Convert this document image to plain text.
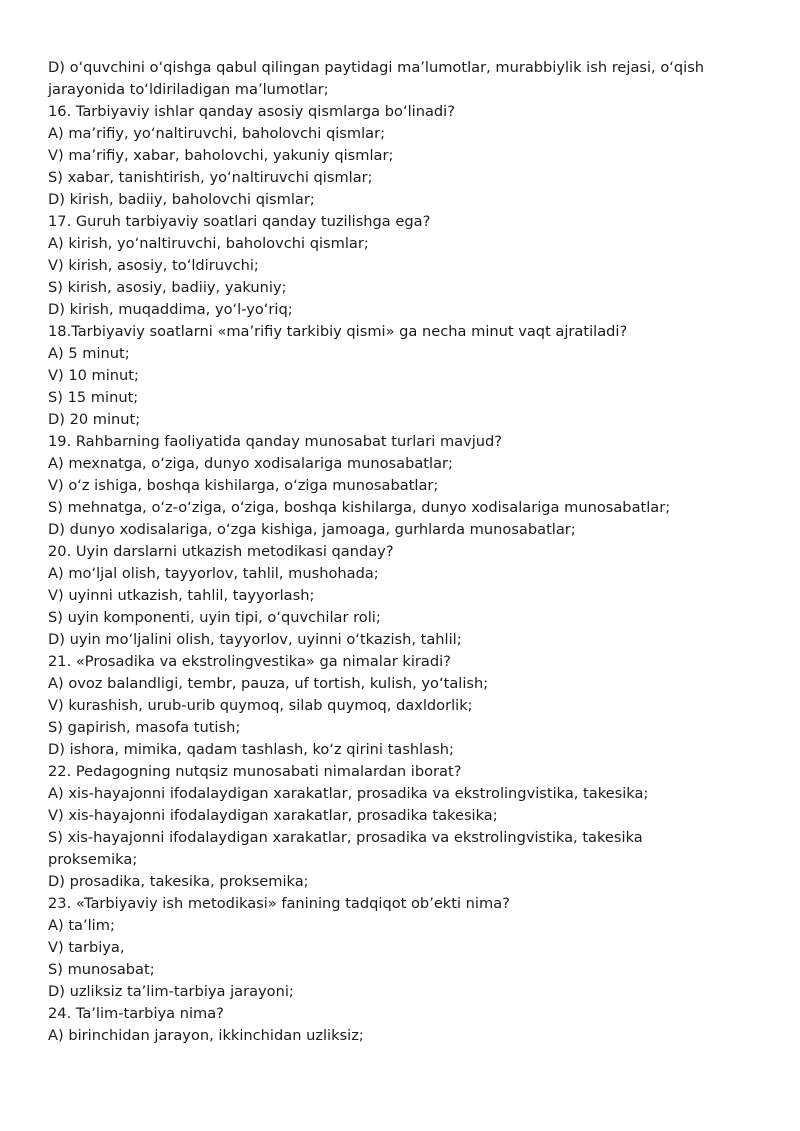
D) o‘quvchini o‘qishga qabul qilingan paytidagi ma’lumotlar, murabbiylik ish rejasi, o‘qish

jarayonida to‘ldiriladigan ma’lumotlar;

16. Tarbiyaviy ishlar qanday asosiy qismlarga bo‘linadi?

A) ma’rifiy, yo‘naltiruvchi, baholovchi qismlar;

V) ma’rifiy, xabar, baholovchi, yakuniy qismlar;

S) xabar, tanishtirish, yo‘naltiruvchi qismlar;

D) kirish, badiiy, baholovchi qismlar;

17. Guruh tarbiyaviy soatlari qanday tuzilishga ega?

A) kirish, yo‘naltiruvchi, baholovchi qismlar;

V) kirish, asosiy, to‘ldiruvchi;

S) kirish, asosiy, badiiy, yakuniy;

D) kirish, muqaddima, yo‘l-yo‘riq;

18.Tarbiyaviy soatlarni «ma’rifiy tarkibiy qismi» ga necha minut vaqt ajratiladi?

A) 5 minut;

V) 10 minut;

S) 15 minut;

D) 20 minut;

19. Rahbarning faoliyatida qanday munosabat turlari mavjud?

A) mexnatga, o‘ziga, dunyo xodisalariga munosabatlar;

V) o‘z ishiga, boshqa kishilarga, o‘ziga munosabatlar;

S) mehnatga, o‘z-o‘ziga, o‘ziga, boshqa kishilarga, dunyo xodisalariga munosabatlar;

D) dunyo xodisalariga, o‘zga kishiga, jamoaga, gurhlarda munosabatlar;

20. Uyin darslarni utkazish metodikasi qanday?

A) mo‘ljal olish, tayyorlov, tahlil, mushohada;

V) uyinni utkazish, tahlil, tayyorlash;

S) uyin komponenti, uyin tipi, o‘quvchilar roli;

D) uyin mo‘ljalini olish, tayyorlov, uyinni o‘tkazish, tahlil;

21. «Prosadika va ekstrolingvestika» ga nimalar kiradi?

A) ovoz balandligi, tembr, pauza, uf tortish, kulish, yo‘talish;

V) kurashish, urub-urib quymoq, silab quymoq, daxldorlik;

S) gapirish, masofa tutish;

D) ishora, mimika, qadam tashlash, ko‘z qirini tashlash;

22. Pedagogning nutqsiz munosabati nimalardan iborat?

A) xis-hayajonni ifodalaydigan xarakatlar, prosadika va ekstrolingvistika, takesika;

V) xis-hayajonni ifodalaydigan xarakatlar, prosadika takesika;

S) xis-hayajonni ifodalaydigan xarakatlar, prosadika va ekstrolingvistika, takesika

proksemika;

D) prosadika, takesika, proksemika;

23. «Tarbiyaviy ish metodikasi» fanining tadqiqot ob’ekti nima?

A) ta’lim;

V) tarbiya,

S) munosabat;

D) uzliksiz ta’lim-tarbiya jarayoni;

24. Ta’lim-tarbiya nima?

A) birinchidan jarayon, ikkinchidan uzliksiz;
